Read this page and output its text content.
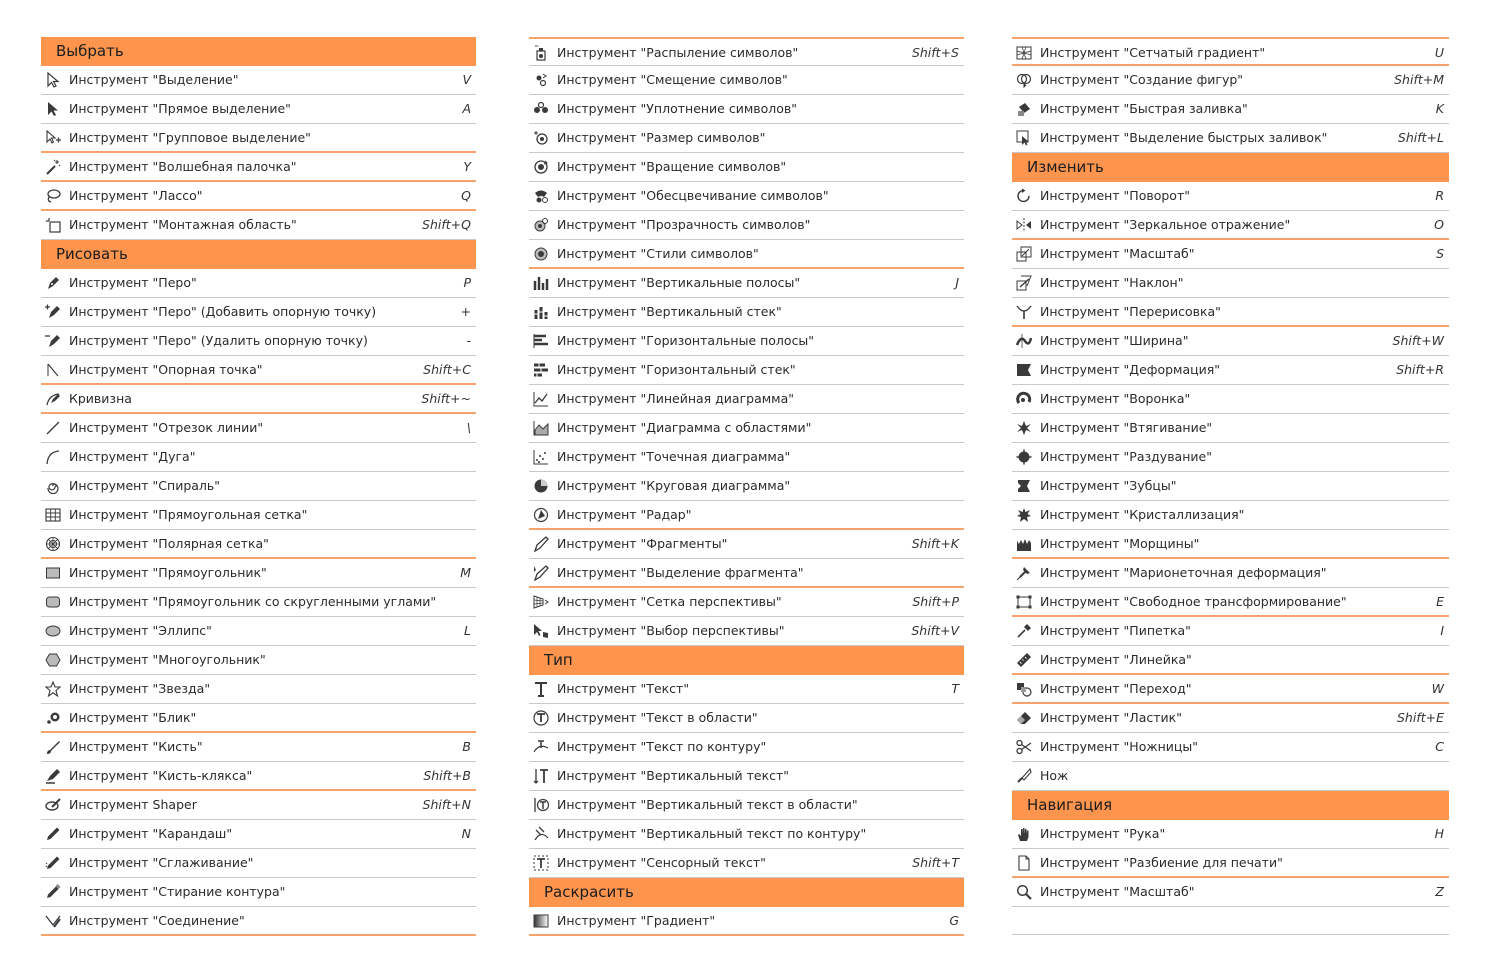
Выбрать
Инструмент "Выделение"	V
Инструмент "Прямое выделение"	A
Инструмент "Групповое выделение"
Инструмент "Волшебная палочка"	Y
Инструмент "Лассо"	Q
Инструмент "Монтажная область"	Shift+Q
Рисовать
Инструмент "Перо"	P
Инструмент "Перо" (Добавить опорную точку)	+
Инструмент "Перо" (Удалить опорную точку)	-
Инструмент "Опорная точка"	Shift+C
Кривизна	Shift+~
Инструмент "Отрезок линии"	\
Инструмент "Дуга"
Инструмент "Спираль"
Инструмент "Прямоугольная сетка"
Инструмент "Полярная сетка"
Инструмент "Прямоугольник"	M
Инструмент "Прямоугольник со скругленными углами"
Инструмент "Эллипс"	L
Инструмент "Многоугольник"
Инструмент "Звезда"
Инструмент "Блик"
Инструмент "Кисть"	B
Инструмент "Кисть-клякса"	Shift+B
Инструмент Shaper	Shift+N
Инструмент "Карандаш"	N
Инструмент "Сглаживание"
Инструмент "Стирание контура"
Инструмент "Соединение"
Инструмент "Распыление символов"	Shift+S
Инструмент "Смещение символов"
Инструмент "Уплотнение символов"
Инструмент "Размер символов"
Инструмент "Вращение символов"
Инструмент "Обесцвечивание символов"
Инструмент "Прозрачность символов"
Инструмент "Стили символов"
Инструмент "Вертикальные полосы"	J
Инструмент "Вертикальный стек"
Инструмент "Горизонтальные полосы"
Инструмент "Горизонтальный стек"
Инструмент "Линейная диаграмма"
Инструмент "Диаграмма с областями"
Инструмент "Точечная диаграмма"
Инструмент "Круговая диаграмма"
Инструмент "Радар"
Инструмент "Фрагменты"	Shift+K
Инструмент "Выделение фрагмента"
Инструмент "Сетка перспективы"	Shift+P
Инструмент "Выбор перспективы"	Shift+V
Тип
Инструмент "Текст"	T
Инструмент "Текст в области"
Инструмент "Текст по контуру"
Инструмент "Вертикальный текст"
Инструмент "Вертикальный текст в области"
Инструмент "Вертикальный текст по контуру"
Инструмент "Сенсорный текст"	Shift+T
Раскрасить
Инструмент "Градиент"	G
Инструмент "Сетчатый градиент"	U
Инструмент "Создание фигур"	Shift+M
Инструмент "Быстрая заливка"	K
Инструмент "Выделение быстрых заливок"	Shift+L
Изменить
Инструмент "Поворот"	R
Инструмент "Зеркальное отражение"	O
Инструмент "Масштаб"	S
Инструмент "Наклон"
Инструмент "Перерисовка"
Инструмент "Ширина"	Shift+W
Инструмент "Деформация"	Shift+R
Инструмент "Воронка"
Инструмент "Втягивание"
Инструмент "Раздувание"
Инструмент "Зубцы"
Инструмент "Кристаллизация"
Инструмент "Морщины"
Инструмент "Марионеточная деформация"
Инструмент "Свободное трансформирование"	E
Инструмент "Пипетка"	I
Инструмент "Линейка"
Инструмент "Переход"	W
Инструмент "Ластик"	Shift+E
Инструмент "Ножницы"	C
Нож
Навигация
Инструмент "Рука"	H
Инструмент "Разбиение для печати"
Инструмент "Масштаб"	Z
